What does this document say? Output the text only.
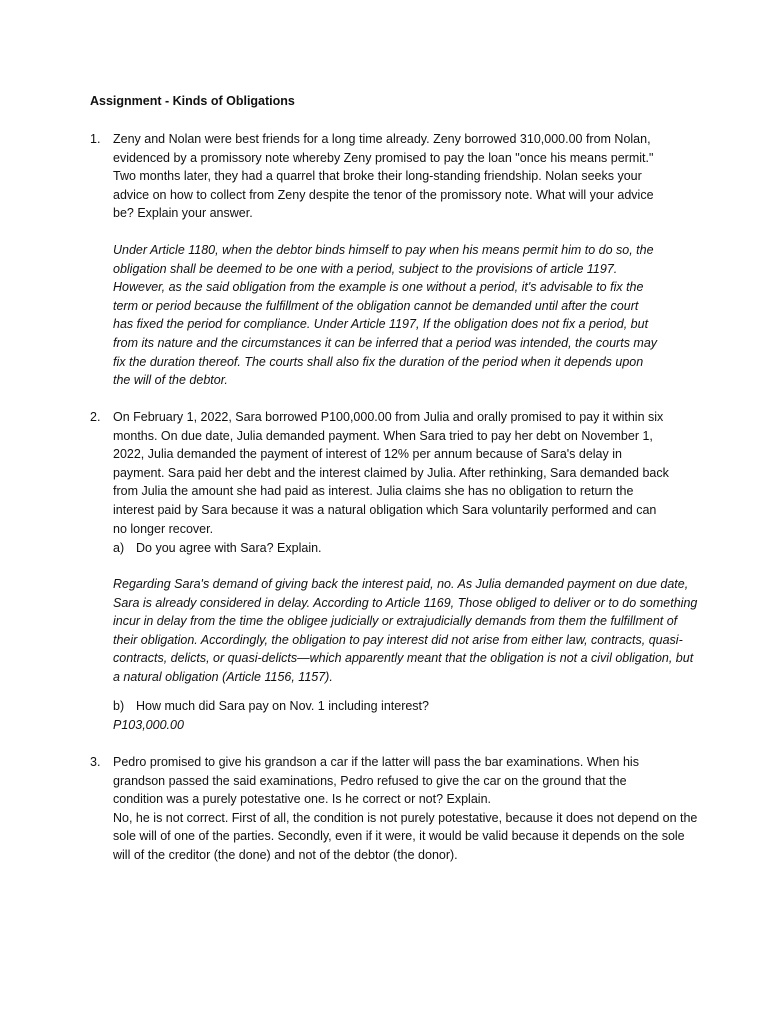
Assignment - Kinds of Obligations
1. Zeny and Nolan were best friends for a long time already. Zeny borrowed 310,000.00 from Nolan,
evidenced by a promissory note whereby Zeny promised to pay the loan "once his means permit."
Two months later, they had a quarrel that broke their long-standing friendship. Nolan seeks your
advice on how to collect from Zeny despite the tenor of the promissory note. What will your advice
be? Explain your answer.
Under Article 1180, when the debtor binds himself to pay when his means permit him to do so, the
obligation shall be deemed to be one with a period, subject to the provisions of article 1197.
However, as the said obligation from the example is one without a period, it's advisable to fix the
term or period because the fulfillment of the obligation cannot be demanded until after the court
has fixed the period for compliance. Under Article 1197, If the obligation does not fix a period, but
from its nature and the circumstances it can be inferred that a period was intended, the courts may
fix the duration thereof. The courts shall also fix the duration of the period when it depends upon
the will of the debtor.
2. On February 1, 2022, Sara borrowed P100,000.00 from Julia and orally promised to pay it within six
months. On due date, Julia demanded payment. When Sara tried to pay her debt on November 1,
2022, Julia demanded the payment of interest of 12% per annum because of Sara's delay in
payment. Sara paid her debt and the interest claimed by Julia. After rethinking, Sara demanded back
from Julia the amount she had paid as interest. Julia claims she has no obligation to return the
interest paid by Sara because it was a natural obligation which Sara voluntarily performed and can
no longer recover.
a) Do you agree with Sara? Explain.
Regarding Sara's demand of giving back the interest paid, no. As Julia demanded payment on due date,
Sara is already considered in delay. According to Article 1169, Those obliged to deliver or to do something
incur in delay from the time the obligee judicially or extrajudicially demands from them the fulfillment of
their obligation. Accordingly, the obligation to pay interest did not arise from either law, contracts, quasi-
contracts, delicts, or quasi-delicts—which apparently meant that the obligation is not a civil obligation, but
a natural obligation (Article 1156, 1157).
b) How much did Sara pay on Nov. 1 including interest?
P103,000.00
3. Pedro promised to give his grandson a car if the latter will pass the bar examinations. When his
grandson passed the said examinations, Pedro refused to give the car on the ground that the
condition was a purely potestative one. Is he correct or not? Explain.
No, he is not correct. First of all, the condition is not purely potestative, because it does not depend on the
sole will of one of the parties. Secondly, even if it were, it would be valid because it depends on the sole
will of the creditor (the done) and not of the debtor (the donor).
